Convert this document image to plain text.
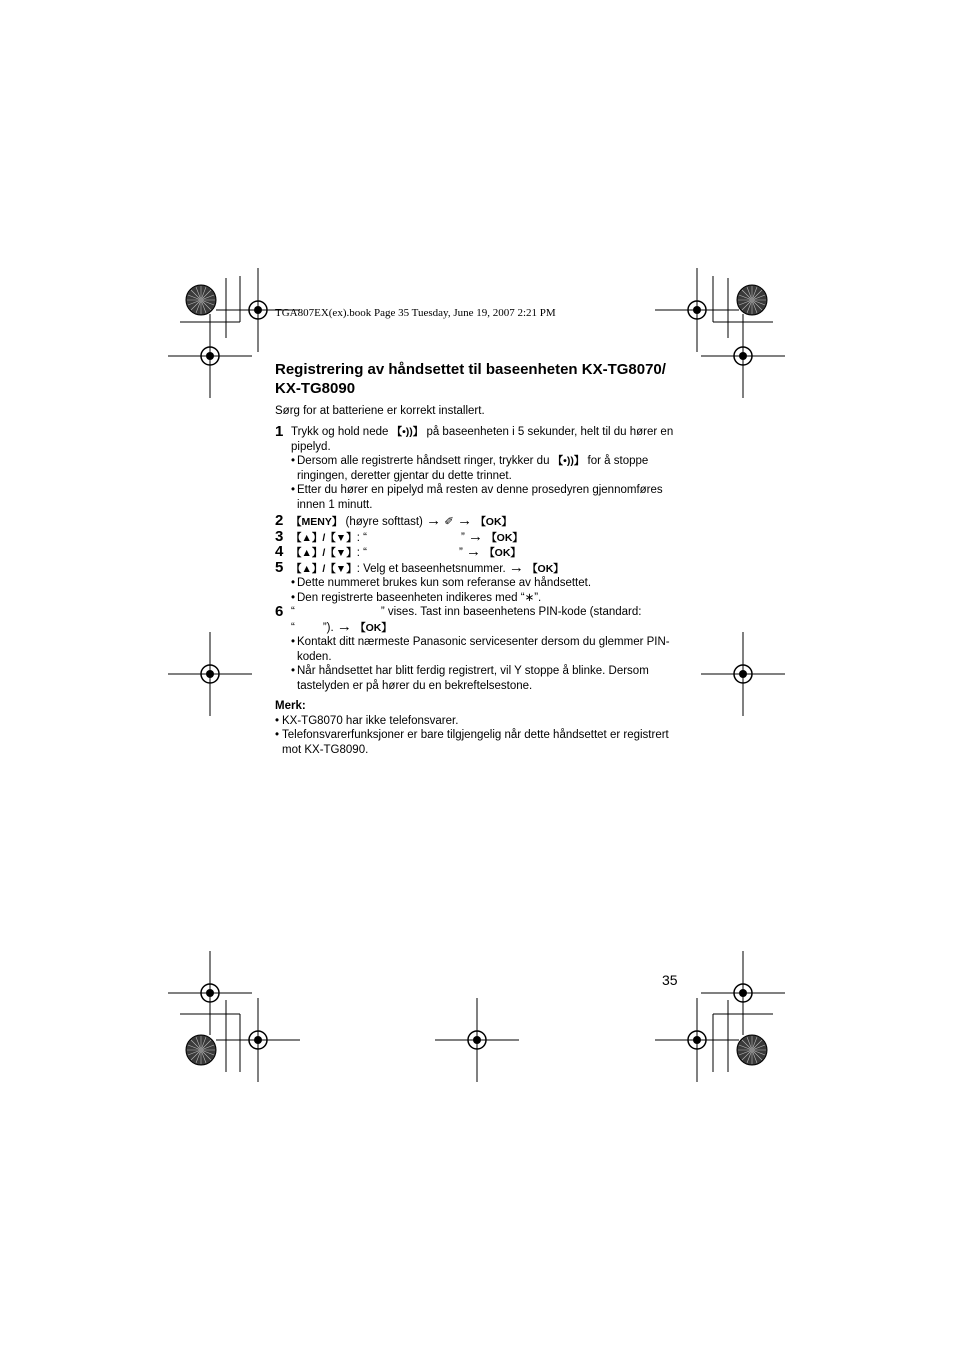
TGA807EX(ex).book Page 35 Tuesday, June 19, 2007 2:21 PM
Registrering av håndsettet til baseenheten KX-TG8070/
KX-TG8090
Sørg for at batteriene er korrekt installert.
1 Trykk og hold nede 【•))】 på baseenheten i 5 sekunder, helt til du hører en pipelyd.
• Dersom alle registrerte håndsett ringer, trykker du 【•))】 for å stoppe ringingen, deretter gjentar du dette trinnet.
• Etter du hører en pipelyd må resten av denne prosedyren gjennomføres innen 1 minutt.
2 【MENY】 (høyre softtast) → ✐ → 【OK】
3 【▲】/【▼】: “	” → 【OK】
4 【▲】/【▼】: “	” → 【OK】
5 【▲】/【▼】: Velg et baseenhetsnummer. → 【OK】
• Dette nummeret brukes kun som referanse av håndsettet.
• Den registrerte baseenheten indikeres med “∗”.
6 “	” vises. Tast inn baseenhetens PIN-kode (standard:
“ ”). → 【OK】
• Kontakt ditt nærmeste Panasonic servicesenter dersom du glemmer PIN-koden.
• Når håndsettet har blitt ferdig registrert, vil Y stoppe å blinke. Dersom tastelyden er på hører du en bekreftelsestone.
Merk:
• KX-TG8070 har ikke telefonsvarer.
• Telefonsvarerfunksjoner er bare tilgjengelig når dette håndsettet er registrert mot KX-TG8090.
35
